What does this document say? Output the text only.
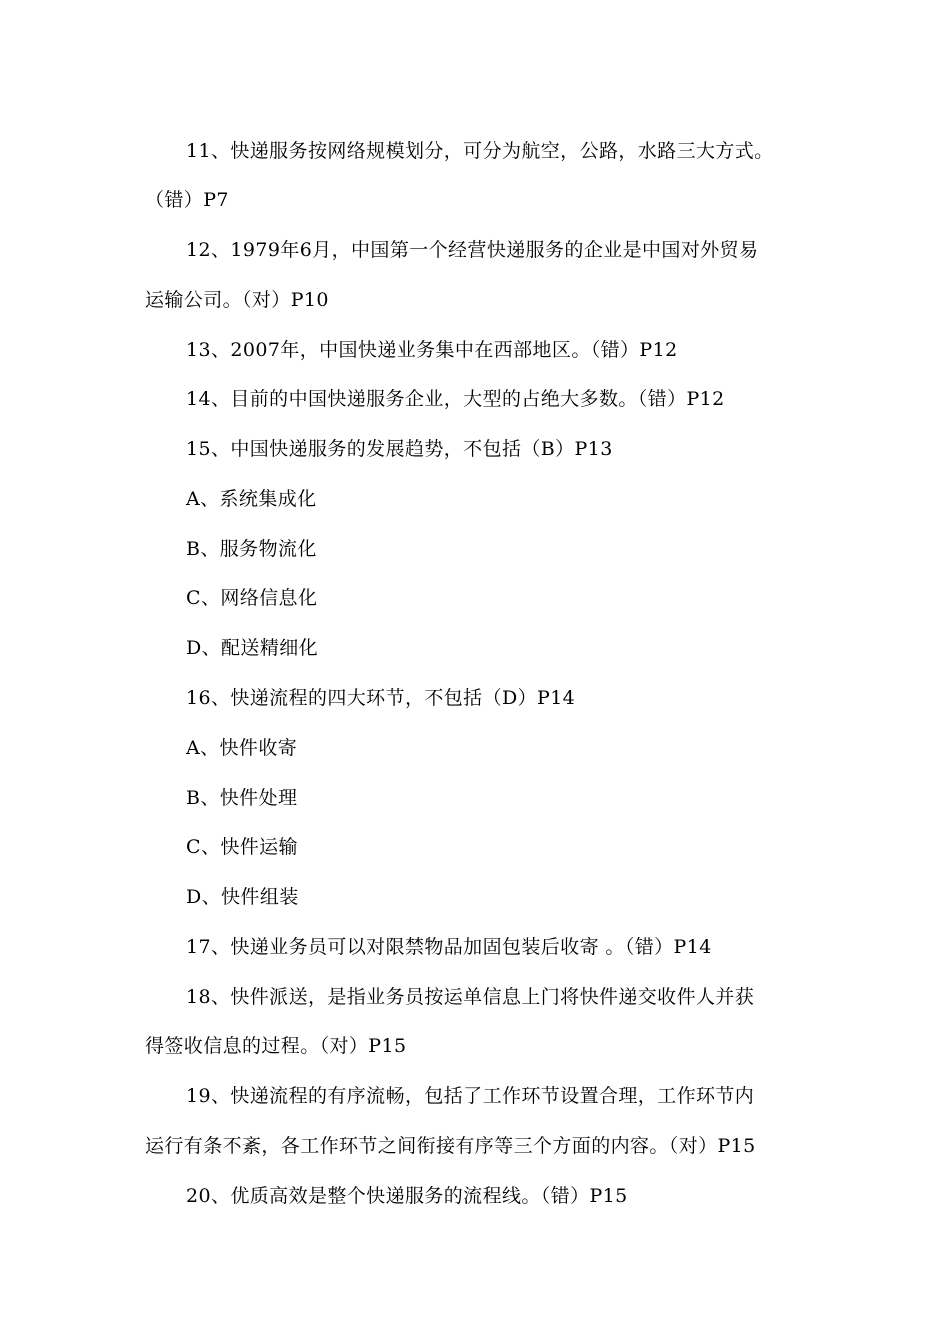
11、快递服务按网络规模划分，可分为航空，公路，水路三大方式。
（错）P7
12、1979年6月，中国第一个经营快递服务的企业是中国对外贸易
运输公司。（对）P10
13、2007年，中国快递业务集中在西部地区。（错）P12
14、目前的中国快递服务企业，大型的占绝大多数。（错）P12
15、中国快递服务的发展趋势，不包括（B）P13
A、系统集成化
B、服务物流化
C、网络信息化
D、配送精细化
16、快递流程的四大环节，不包括（D）P14
A、快件收寄
B、快件处理
C、快件运输
D、快件组装
17、快递业务员可以对限禁物品加固包装后收寄 。（错）P14
18、快件派送，是指业务员按运单信息上门将快件递交收件人并获
得签收信息的过程。（对）P15
19、快递流程的有序流畅，包括了工作环节设置合理，工作环节内
运行有条不紊，各工作环节之间衔接有序等三个方面的内容。（对）P15
20、优质高效是整个快递服务的流程线。（错）P15
